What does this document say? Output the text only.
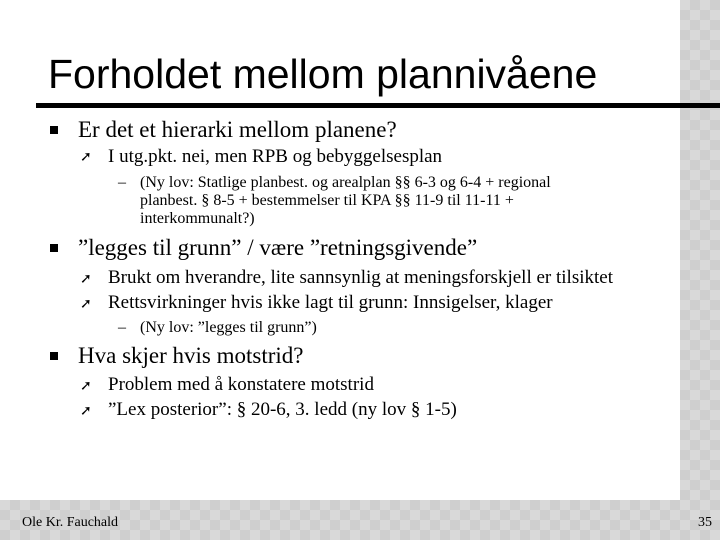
Forholdet mellom plannivåene
Er det et hierarki mellom planene?
➚ I utg.pkt. nei, men RPB og bebyggelsesplan
– (Ny lov: Statlige planbest. og arealplan §§ 6-3 og 6-4 + regional
planbest. § 8-5 + bestemmelser til KPA §§ 11-9 til 11-11 +
interkommunalt?)
”legges til grunn” / være ”retningsgivende”
➚ Brukt om hverandre, lite sannsynlig at meningsforskjell er tilsiktet
➚ Rettsvirkninger hvis ikke lagt til grunn: Innsigelser, klager
– (Ny lov: ”legges til grunn”)
Hva skjer hvis motstrid?
➚ Problem med å konstatere motstrid
➚ ”Lex posterior”: § 20-6, 3. ledd (ny lov § 1-5)
Ole Kr. Fauchald	35
